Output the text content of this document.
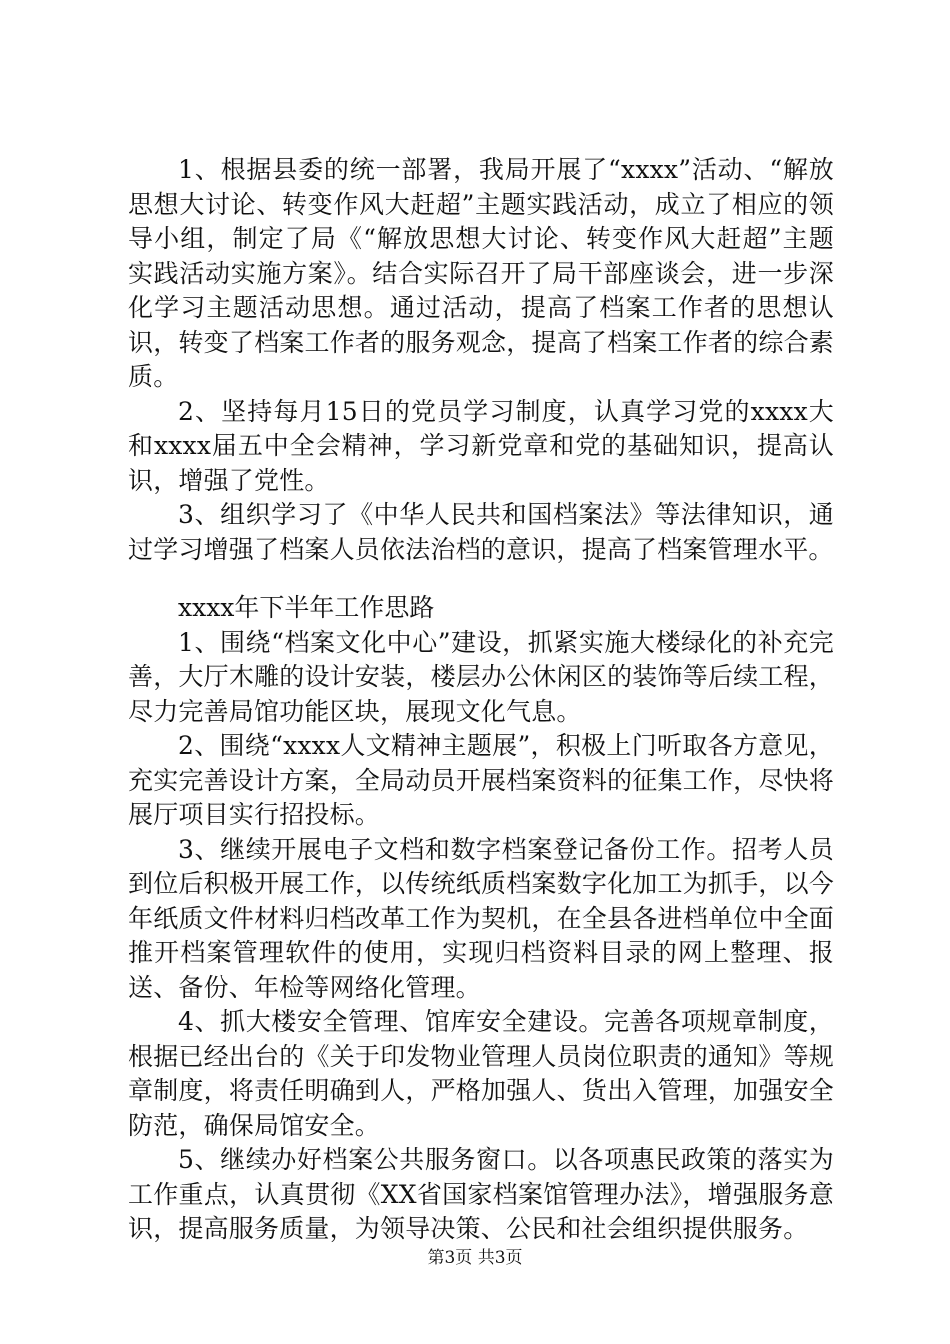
1、根据县委的统一部署，我局开展了“xxxx”活动、“解放思想大讨论、转变作风大赶超”主题实践活动，成立了相应的领导小组，制定了局《“解放思想大讨论、转变作风大赶超”主题实践活动实施方案》。结合实际召开了局干部座谈会，进一步深化学习主题活动思想。通过活动，提高了档案工作者的思想认识，转变了档案工作者的服务观念，提高了档案工作者的综合素质。

2、坚持每月15日的党员学习制度，认真学习党的xxxx大和xxxx届五中全会精神，学习新党章和党的基础知识，提高认识，增强了党性。

3、组织学习了《中华人民共和国档案法》等法律知识，通过学习增强了档案人员依法治档的意识，提高了档案管理水平。

xxxx年下半年工作思路

1、围绕“档案文化中心”建设，抓紧实施大楼绿化的补充完善，大厅木雕的设计安装，楼层办公休闲区的装饰等后续工程，尽力完善局馆功能区块，展现文化气息。

2、围绕“xxxx人文精神主题展”，积极上门听取各方意见，充实完善设计方案，全局动员开展档案资料的征集工作，尽快将展厅项目实行招投标。

3、继续开展电子文档和数字档案登记备份工作。招考人员到位后积极开展工作，以传统纸质档案数字化加工为抓手，以今年纸质文件材料归档改革工作为契机，在全县各进档单位中全面推开档案管理软件的使用，实现归档资料目录的网上整理、报送、备份、年检等网络化管理。

4、抓大楼安全管理、馆库安全建设。完善各项规章制度，根据已经出台的《关于印发物业管理人员岗位职责的通知》等规章制度，将责任明确到人，严格加强人、货出入管理，加强安全防范，确保局馆安全。

5、继续办好档案公共服务窗口。以各项惠民政策的落实为工作重点，认真贯彻《XX省国家档案馆管理办法》，增强服务意识，提高服务质量，为领导决策、公民和社会组织提供服务。

第3页 共3页
